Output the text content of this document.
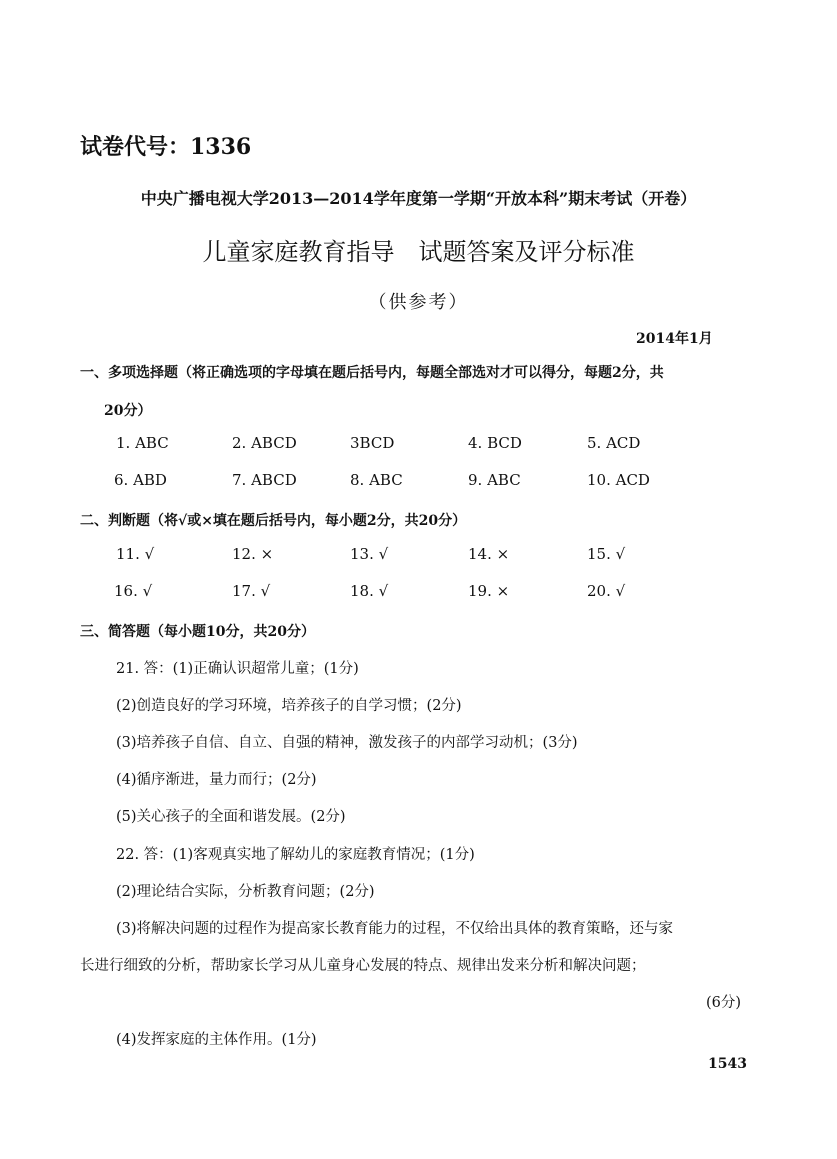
试卷代号：1336
中央广播电视大学2013—2014学年度第一学期“开放本科”期末考试（开卷）
儿童家庭教育指导　试题答案及评分标准
（供参考）
2014年1月
一、多项选择题（将正确选项的字母填在题后括号内，每题全部选对才可以得分，每题2分，共
20分）
1. ABC	2. ABCD	3BCD	4. BCD	5. ACD
6. ABD	7. ABCD	8. ABC	9. ABC	10. ACD
二、判断题（将√或×填在题后括号内，每小题2分，共20分）
11. √	12. ×	13. √	14. ×	15. √
16. √	17. √	18. √	19. ×	20. √
三、简答题（每小题10分，共20分）
21. 答：(1)正确认识超常儿童；(1分)
(2)创造良好的学习环境，培养孩子的自学习惯；(2分)
(3)培养孩子自信、自立、自强的精神，激发孩子的内部学习动机；(3分)
(4)循序渐进，量力而行；(2分)
(5)关心孩子的全面和谐发展。(2分)
22. 答：(1)客观真实地了解幼儿的家庭教育情况；(1分)
(2)理论结合实际，分析教育问题；(2分)
(3)将解决问题的过程作为提高家长教育能力的过程，不仅给出具体的教育策略，还与家
长进行细致的分析，帮助家长学习从儿童身心发展的特点、规律出发来分析和解决问题；
(6分)
(4)发挥家庭的主体作用。(1分)
1543
